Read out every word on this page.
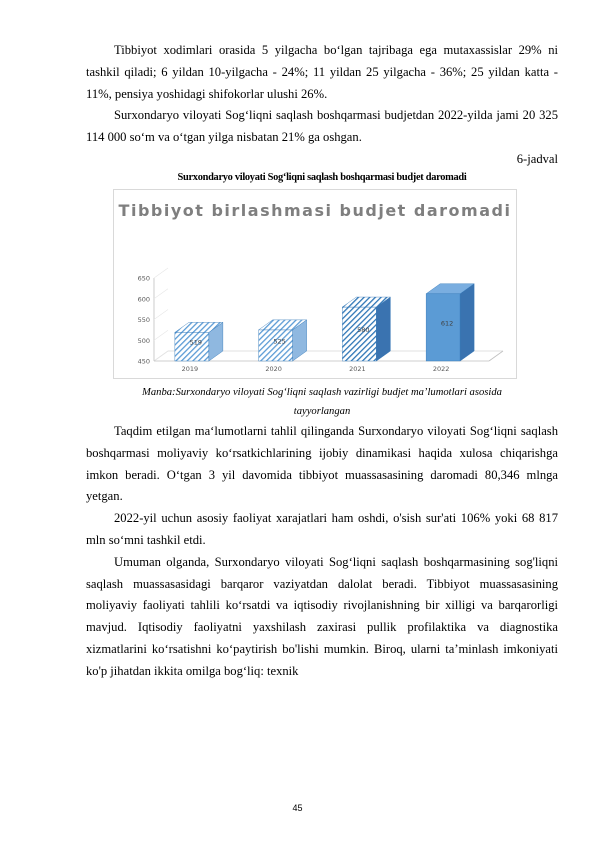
Tibbiyot xodimlari orasida 5 yilgacha bo‘lgan tajribaga ega mutaxassislar 29% ni tashkil qiladi; 6 yildan 10-yilgacha - 24%; 11 yildan 25 yilgacha - 36%; 25 yildan katta - 11%, pensiya yoshidagi shifokorlar ulushi 26%.

Surxondaryo viloyati Sog‘liqni saqlash boshqarmasi budjetdan 2022-yilda jami 20 325 114 000 so‘m va o‘tgan yilga nisbatan 21% ga oshgan.

6-jadval

Surxondaryo viloyati Sog‘liqni saqlash boshqarmasi budjet daromadi
Tibbiyot birlashmasi budjet daromadi
450
500
550
600
650
519
2019
525
2020
580
2021
612
2022

Manba:Surxondaryo viloyati Sog‘liqni saqlash vazirligi budjet ma’lumotlari asosida

tayyorlangan

Taqdim etilgan ma‘lumotlarni tahlil qilinganda Surxondaryo viloyati Sog‘liqni saqlash boshqarmasi moliyaviy ko‘rsatkichlarining ijobiy dinamikasi haqida xulosa chiqarishga imkon beradi. O‘tgan 3 yil davomida tibbiyot muassasasining daromadi 80,346 mlnga yetgan.

2022-yil uchun asosiy faoliyat xarajatlari ham oshdi, o'sish sur'ati 106% yoki 68 817 mln so‘mni tashkil etdi.

Umuman olganda, Surxondaryo viloyati Sog‘liqni saqlash boshqarmasining sog'liqni saqlash muassasasidagi barqaror vaziyatdan dalolat beradi. Tibbiyot muassasasining moliyaviy faoliyati tahlili ko‘rsatdi va iqtisodiy rivojlanishning bir xilligi va barqarorligi mavjud. Iqtisodiy faoliyatni yaxshilash zaxirasi pullik profilaktika va diagnostika xizmatlarini ko‘rsatishni ko‘paytirish bo'lishi mumkin. Biroq, ularni ta’minlash imkoniyati ko'p jihatdan ikkita omilga bog‘liq: texnik

45
